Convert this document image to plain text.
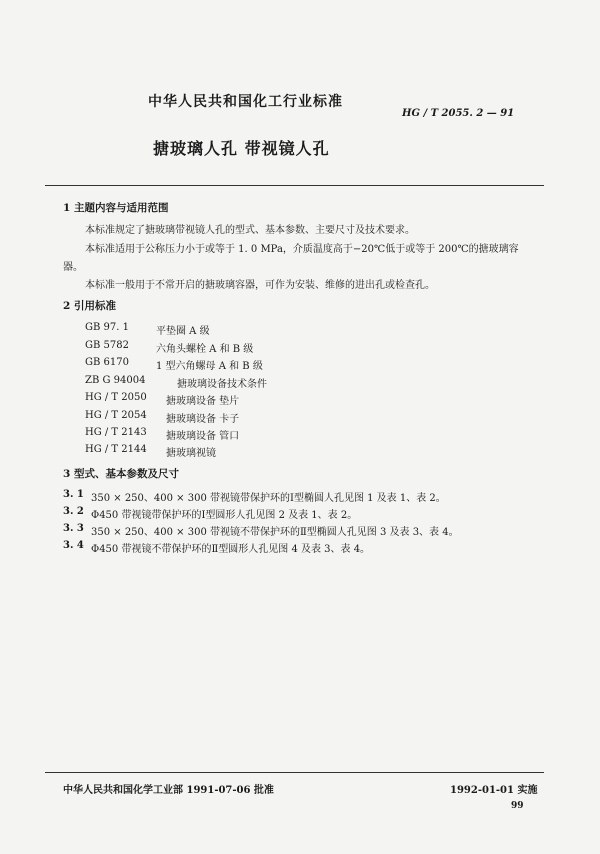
中华人民共和国化工行业标准
HG / T 2055. 2 — 91
搪玻璃人孔 带视镜人孔
1 主题内容与适用范围
本标准规定了搪玻璃带视镜人孔的型式、基本参数、主要尺寸及技术要求。
本标准适用于公称压力小于或等于 1. 0 MPa，介质温度高于−20℃低于或等于 200℃的搪玻璃容
器。
本标准一般用于不常开启的搪玻璃容器，可作为安装、维修的进出孔或检查孔。
2 引用标准
GB 97. 1	平垫圈 A 级
GB 5782	六角头螺栓 A 和 B 级
GB 6170	1 型六角螺母 A 和 B 级
ZB G 94004	搪玻璃设备技术条件
HG / T 2050 搪玻璃设备 垫片
HG / T 2054 搪玻璃设备 卡子
HG / T 2143 搪玻璃设备 管口
HG / T 2144 搪玻璃视镜
3 型式、基本参数及尺寸
3. 1 350 × 250、400 × 300 带视镜带保护环的Ⅰ型椭圆人孔见图 1 及表 1、表 2。
3. 2 Φ450 带视镜带保护环的Ⅰ型圆形人孔见图 2 及表 1、表 2。
3. 3 350 × 250、400 × 300 带视镜不带保护环的Ⅱ型椭圆人孔见图 3 及表 3、表 4。
3. 4 Φ450 带视镜不带保护环的Ⅱ型圆形人孔见图 4 及表 3、表 4。
中华人民共和国化学工业部 1991-07-06 批准	1992-01-01 实施
99
